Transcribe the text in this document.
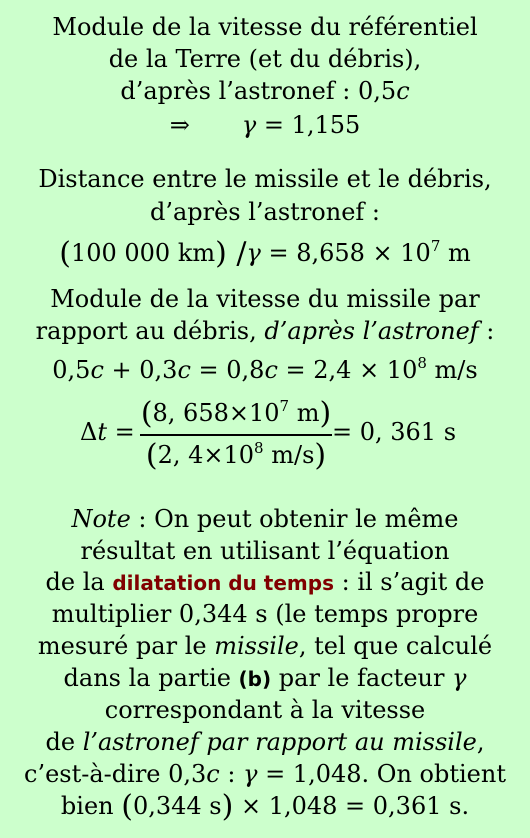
Module de la vitesse du référentiel
de la Terre (et du débris),
d’après l’astronef : 0,5c
⇒ γ = 1,155
Distance entre le missile et le débris,
d’après l’astronef :
(100 000 km) $/\gamma = 8,658 \times 10^7$ m
Module de la vitesse du missile par
rapport au débris, d’après l’astronef :
$0,5c + 0,3c = 0,8c = 2,4 \times 10^8$ m/s
Δt =
(8, $658\times 10^7$ m)
(2, $4\times 10^8$ m/s)
= 0, 361 s
Note : On peut obtenir le même
résultat en utilisant l’équation
de la dilatation du temps : il s’agit de
multiplier 0,344 s (le temps propre
mesuré par le missile, tel que calculé
dans la partie (b) par le facteur γ
correspondant à la vitesse
de l’astronef par rapport au missile,
c’est-à-dire 0,3c : γ = 1,048. On obtient
bien (0,344 s) × 1,048 = 0,361 s.
